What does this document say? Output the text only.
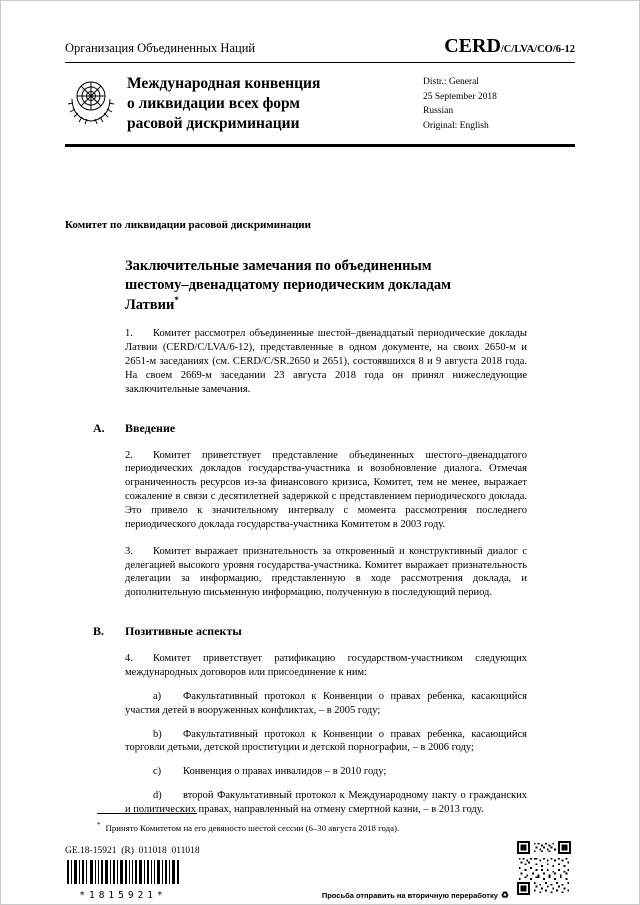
Организация Объединенных Наций	CERD/C/LVA/CO/6-12
Международная конвенция о ликвидации всех форм расовой дискриминации
Distr.: General
25 September 2018
Russian
Original: English
Комитет по ликвидации расовой дискриминации
Заключительные замечания по объединенным шестому–двенадцатому периодическим докладам Латвии*

1. Комитет рассмотрел объединенные шестой–двенадцатый периодические доклады Латвии (CERD/C/LVA/6-12), представленные в одном документе, на своих 2650-м и 2651-м заседаниях (см. CERD/C/SR.2650 и 2651), состоявшихся 8 и 9 августа 2018 года. На своем 2669-м заседании 23 августа 2018 года он принял нижеследующие заключительные замечания.

A. Введение

2. Комитет приветствует представление объединенных шестого–двенадцатого периодических докладов государства-участника и возобновление диалога. Отмечая ограниченность ресурсов из-за финансового кризиса, Комитет, тем не менее, выражает сожаление в связи с десятилетней задержкой с представлением периодического доклада. Это привело к значительному интервалу с момента рассмотрения последнего периодического доклада государства-участника Комитетом в 2003 году.

3. Комитет выражает признательность за откровенный и конструктивный диалог с делегацией высокого уровня государства-участника. Комитет выражает признательность делегации за информацию, представленную в ходе рассмотрения доклада, и дополнительную письменную информацию, полученную в последующий период.

B. Позитивные аспекты

4. Комитет приветствует ратификацию государством-участником следующих международных договоров или присоединение к ним:

a) Факультативный протокол к Конвенции о правах ребенка, касающийся участия детей в вооруженных конфликтах, – в 2005 году;

b) Факультативный протокол к Конвенции о правах ребенка, касающийся торговли детьми, детской проституции и детской порнографии, – в 2006 году;

c) Конвенция о правах инвалидов – в 2010 году;

d) второй Факультативный протокол к Международному пакту о гражданских и политических правах, направленный на отмену смертной казни, – в 2013 году.

* Принято Комитетом на его девяносто шестой сессии (6–30 августа 2018 года).
GE.18-15921  (R)  011018  011018
*1815921*	Просьба отправить на вторичную переработку ♻
